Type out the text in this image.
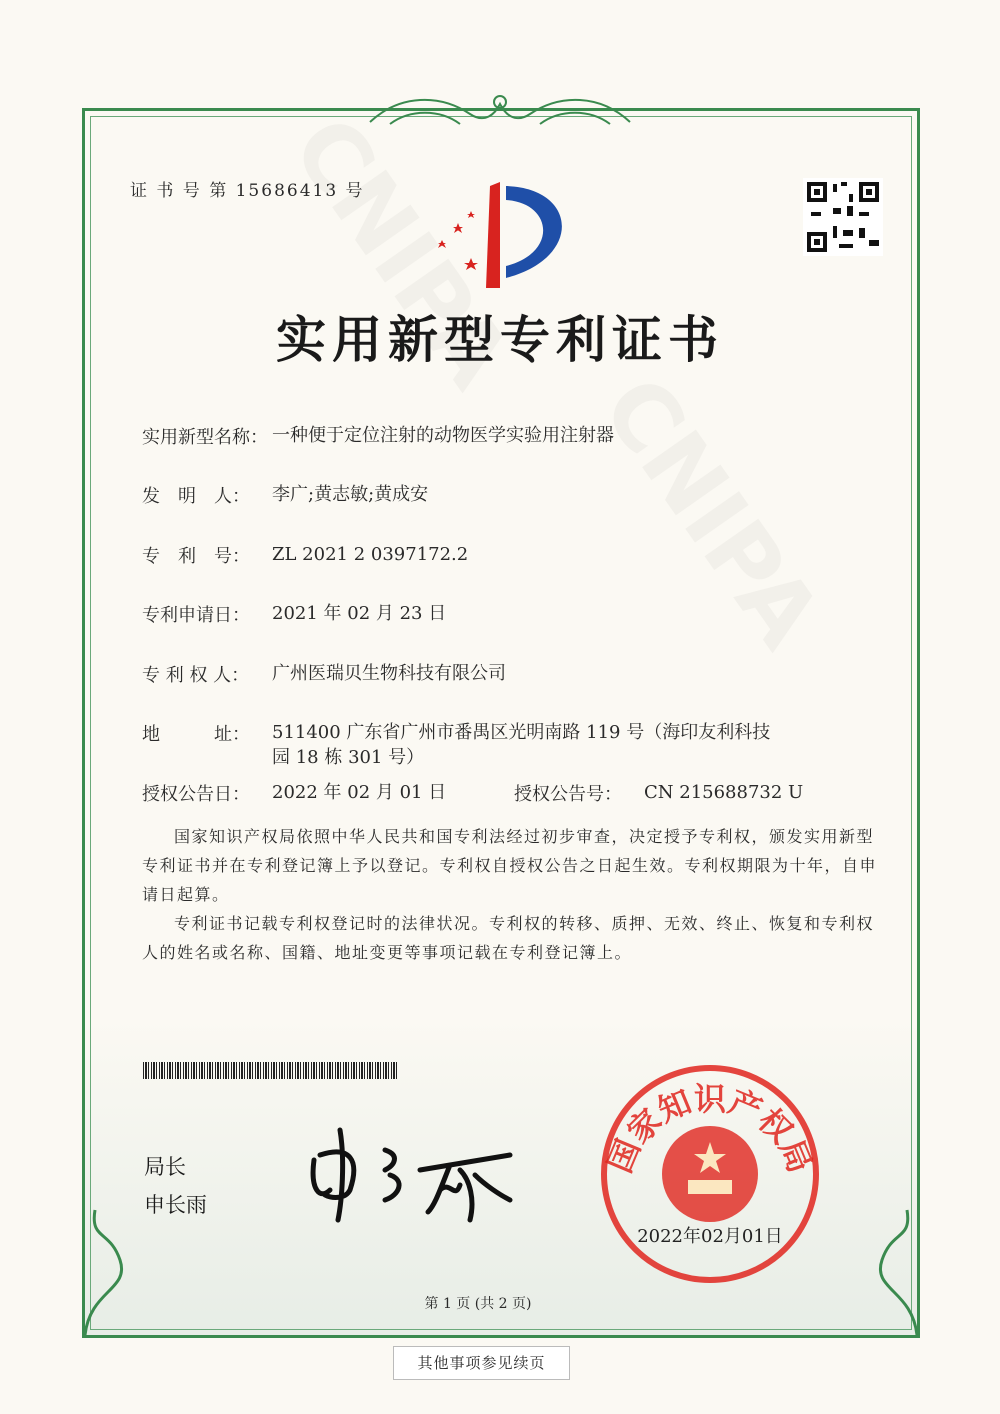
证 书 号 第 15686413 号
实用新型专利证书
实用新型名称： 一种便于定位注射的动物医学实验用注射器
发　明　人：	李广;黄志敏;黄成安
专　利　号：	ZL 2021 2 0397172.2
专利申请日：	2021 年 02 月 23 日
专 利 权 人：	广州医瑞贝生物科技有限公司
地　　　址：	511400 广东省广州市番禺区光明南路 119 号（海印友利科技园 18 栋 301 号）
授权公告日：	2022 年 02 月 01 日	授权公告号：	CN 215688732 U

国家知识产权局依照中华人民共和国专利法经过初步审查，决定授予专利权，颁发实用新型专利证书并在专利登记簿上予以登记。专利权自授权公告之日起生效。专利权期限为十年，自申请日起算。

专利证书记载专利权登记时的法律状况。专利权的转移、质押、无效、终止、恢复和专利权人的姓名或名称、国籍、地址变更等事项记载在专利登记簿上。

局长
申长雨
国家知识产权局
2022年02月01日
第 1 页 (共 2 页)
其他事项参见续页
